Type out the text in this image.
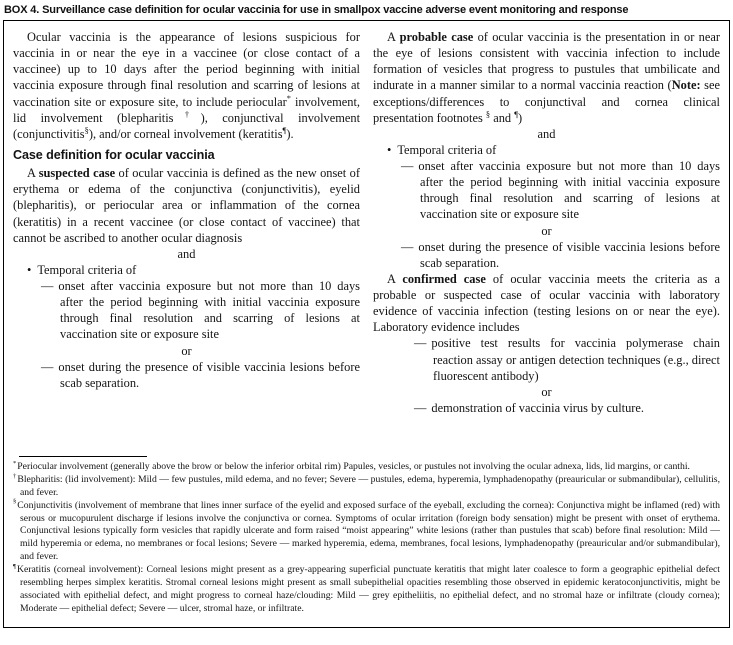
BOX 4. Surveillance case definition for ocular vaccinia for use in smallpox vaccine adverse event monitoring and response

Ocular vaccinia is the appearance of lesions suspicious for vaccinia in or near the eye in a vaccinee (or close contact of a vaccinee) up to 10 days after the period beginning with initial vaccinia exposure through final resolution and scarring of lesions at vaccination site or exposure site, to include periocular* involvement, lid involvement (blepharitis†), conjunctival involvement (conjunctivitis§), and/or corneal involvement (keratitis¶).

Case definition for ocular vaccinia

A suspected case of ocular vaccinia is defined as the new onset of erythema or edema of the conjunctiva (conjunctivitis), eyelid (blepharitis), or periocular area or inflammation of the cornea (keratitis) in a recent vaccinee (or close contact of vaccinee) that cannot be ascribed to another ocular diagnosis

and

• Temporal criteria of

— onset after vaccinia exposure but not more than 10 days after the period beginning with initial vaccinia exposure through final resolution and scarring of lesions at vaccination site or exposure site

or

— onset during the presence of visible vaccinia lesions before scab separation.

A probable case of ocular vaccinia is the presentation in or near the eye of lesions consistent with vaccinia infection to include formation of vesicles that progress to pustules that umbilicate and indurate in a manner similar to a normal vaccinia reaction (Note: see exceptions/differences to conjunctival and cornea clinical presentation footnotes § and ¶)

and

• Temporal criteria of

— onset after vaccinia exposure but not more than 10 days after the period beginning with initial vaccinia exposure through final resolution and scarring of lesions at vaccination site or exposure site

or

— onset during the presence of visible vaccinia lesions before scab separation.

A confirmed case of ocular vaccinia meets the criteria as a probable or suspected case of ocular vaccinia with laboratory evidence of vaccinia infection (testing lesions on or near the eye). Laboratory evidence includes

— positive test results for vaccinia polymerase chain reaction assay or antigen detection techniques (e.g., direct fluorescent antibody)

or

— demonstration of vaccinia virus by culture.

*Periocular involvement (generally above the brow or below the inferior orbital rim) Papules, vesicles, or pustules not involving the ocular adnexa, lids, lid margins, or canthi.

†Blepharitis: (lid involvement): Mild — few pustules, mild edema, and no fever; Severe — pustules, edema, hyperemia, lymphadenopathy (preauricular or submandibular), cellulitis, and fever.

§Conjunctivitis (involvement of membrane that lines inner surface of the eyelid and exposed surface of the eyeball, excluding the cornea): Conjunctiva might be inflamed (red) with serous or mucopurulent discharge if lesions involve the conjunctiva or cornea. Symptoms of ocular irritation (foreign body sensation) might be present with onset of erythema. Conjunctival lesions typically form vesicles that rapidly ulcerate and form raised “moist appearing” white lesions (rather than pustules that scab) before final resolution: Mild — mild hyperemia or edema, no membranes or focal lesions; Severe — marked hyperemia, edema, membranes, focal lesions, lymphadenopathy (preauricular and/or submandibular), and fever.

¶Keratitis (corneal involvement): Corneal lesions might present as a grey-appearing superficial punctuate keratitis that might later coalesce to form a geographic epithelial defect resembling herpes simplex keratitis. Stromal corneal lesions might present as small subepithelial opacities resembling those observed in epidemic keratoconjunctivitis, might be associated with epithelial defect, and might progress to corneal haze/clouding: Mild — grey epitheliitis, no epithelial defect, and no stromal haze or infiltrate (cloudy cornea); Moderate — epithelial defect; Severe — ulcer, stromal haze, or infiltrate.
